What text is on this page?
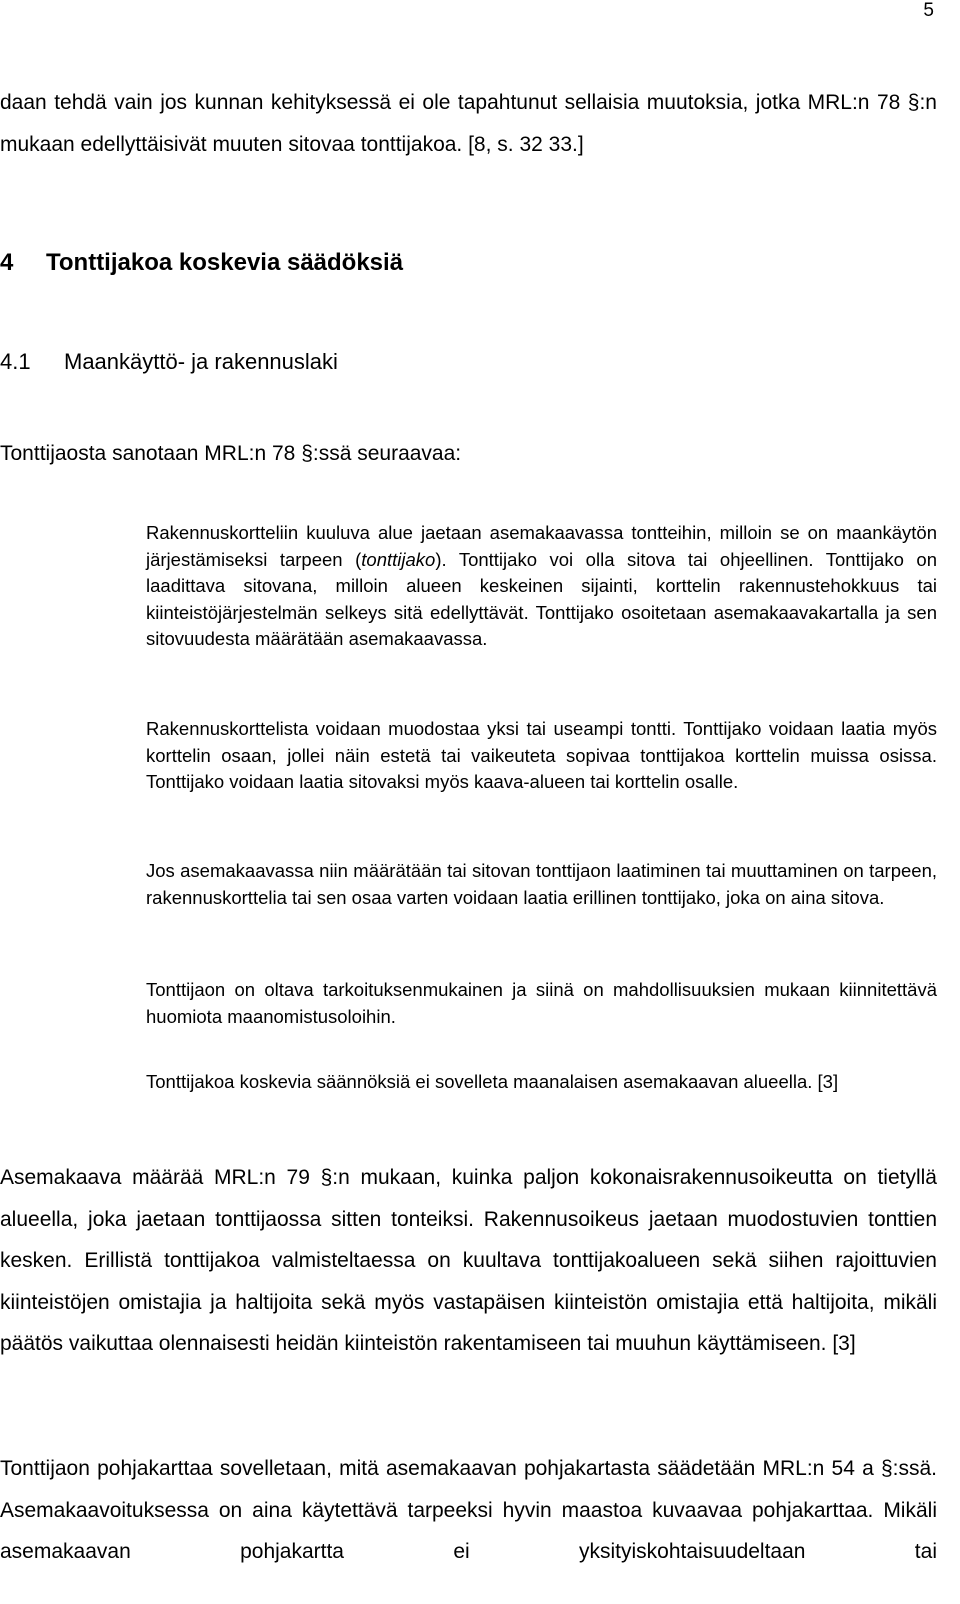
5
daan tehdä vain jos kunnan kehityksessä ei ole tapahtunut sellaisia muutoksia, jotka MRL:n 78 §:n mukaan edellyttäisivät muuten sitovaa tonttijakoa. [8, s. 32 33.]
4 Tonttijakoa koskevia säädöksiä
4.1 Maankäyttö- ja rakennuslaki
Tonttijaosta sanotaan MRL:n 78 §:ssä seuraavaa:
Rakennuskortteliin kuuluva alue jaetaan asemakaavassa tontteihin, milloin se on maankäytön järjestämiseksi tarpeen (tonttijako). Tonttijako voi olla sitova tai ohjeellinen. Tonttijako on laadittava sitovana, milloin alueen keskeinen sijainti, korttelin rakennustehokkuus tai kiinteistöjärjestelmän selkeys sitä edellyttävät. Tonttijako osoitetaan asemakaavakartalla ja sen sitovuudesta määrätään asemakaavassa.
Rakennuskorttelista voidaan muodostaa yksi tai useampi tontti. Tonttijako voidaan laatia myös korttelin osaan, jollei näin estetä tai vaikeuteta sopivaa tonttijakoa korttelin muissa osissa. Tonttijako voidaan laatia sitovaksi myös kaava-alueen tai korttelin osalle.
Jos asemakaavassa niin määrätään tai sitovan tonttijaon laatiminen tai muuttaminen on tarpeen, rakennuskorttelia tai sen osaa varten voidaan laatia erillinen tonttijako, joka on aina sitova.
Tonttijaon on oltava tarkoituksenmukainen ja siinä on mahdollisuuksien mukaan kiinnitettävä huomiota maanomistusoloihin.
Tonttijakoa koskevia säännöksiä ei sovelleta maanalaisen asemakaavan alueella. [3]
Asemakaava määrää MRL:n 79 §:n mukaan, kuinka paljon kokonaisrakennusoikeutta on tietyllä alueella, joka jaetaan tonttijaossa sitten tonteiksi. Rakennusoikeus jaetaan muodostuvien tonttien kesken. Erillistä tonttijakoa valmisteltaessa on kuultava tonttijakoalueen sekä siihen rajoittuvien kiinteistöjen omistajia ja haltijoita sekä myös vastapäisen kiinteistön omistajia että haltijoita, mikäli päätös vaikuttaa olennaisesti heidän kiinteistön rakentamiseen tai muuhun käyttämiseen. [3]
Tonttijaon pohjakarttaa sovelletaan, mitä asemakaavan pohjakartasta säädetään MRL:n 54 a §:ssä. Asemakaavoituksessa on aina käytettävä tarpeeksi hyvin maastoa kuvaavaa pohjakarttaa. Mikäli asemakaavan pohjakartta ei yksityiskohtaisuudeltaan tai
